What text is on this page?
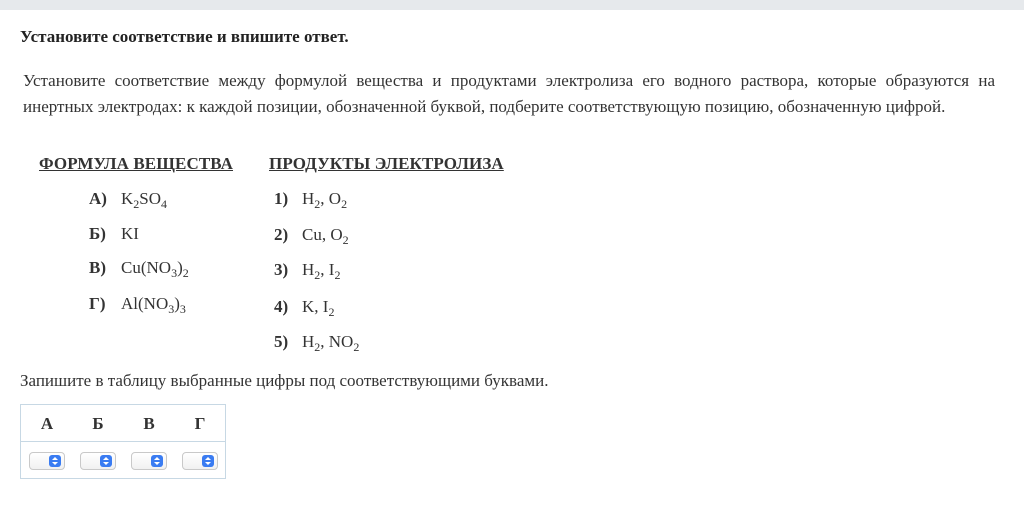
Установите соответствие и впишите ответ.
Установите соответствие между формулой вещества и продуктами электролиза его водного раствора, которые образуются на инертных электродах: к каждой позиции, обозначенной буквой, подберите соответствующую позицию, обозначенную цифрой.
ФОРМУЛА ВЕЩЕСТВА ПРОДУКТЫ ЭЛЕКТРОЛИЗА
А) $K_2SO_4$
Б) KI
В) $Cu(NO_3)_2$
Г) $Al(NO_3)_3$
1) $H_2$, $O_2$
2) Cu, $O_2$
3) $H_2$, $I_2$
4) K, $I_2$
5) $H_2$, $NO_2$
Запишите в таблицу выбранные цифры под соответствующими буквами.
А	Б	В	Г
